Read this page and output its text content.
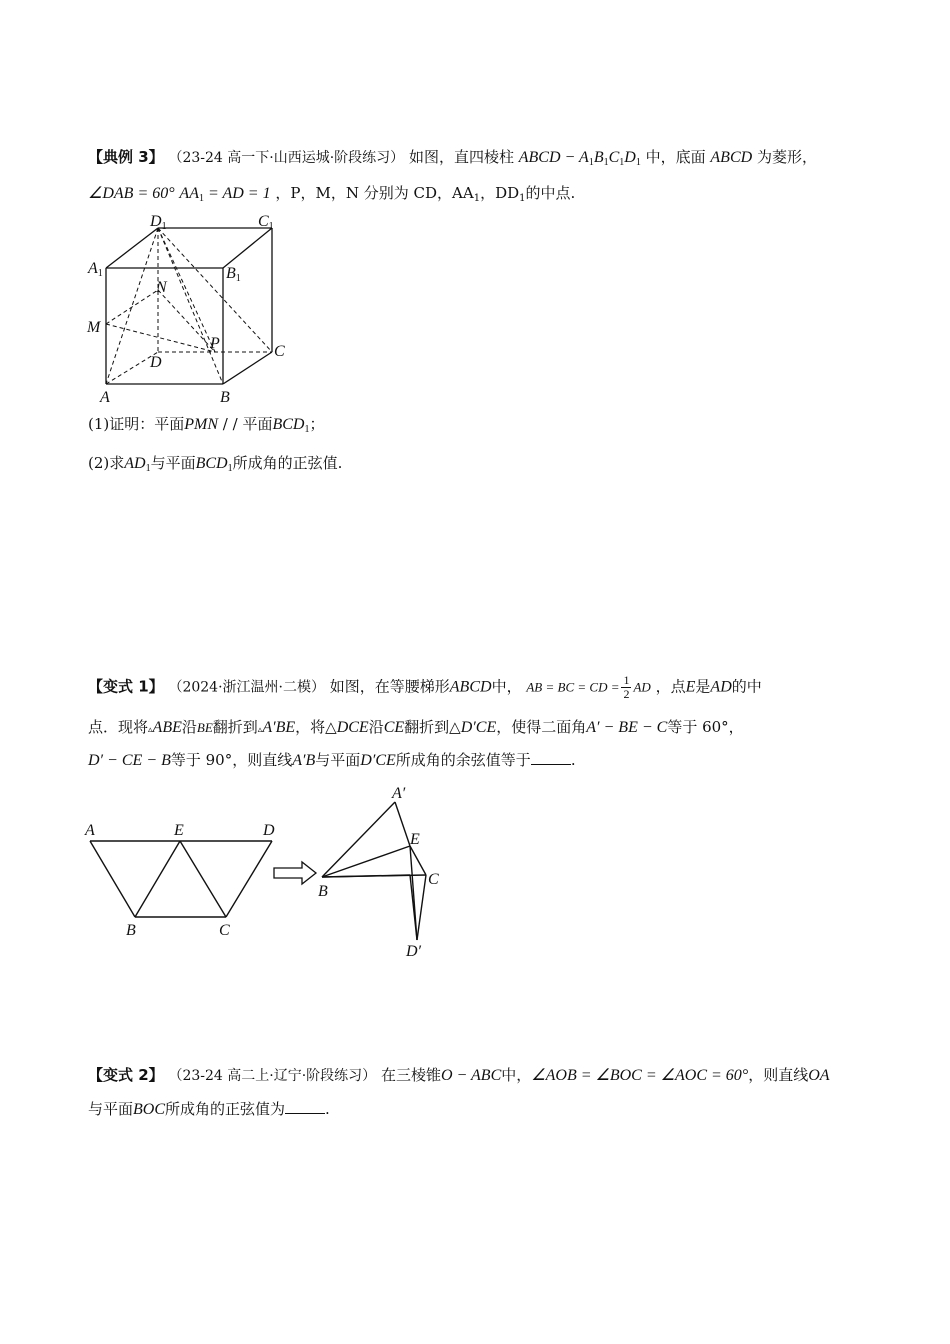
【典例 3】 （23-24 高一下·山西运城·阶段练习） 如图，直四棱柱 ABCD − $A_1B_1C_1D_1$ 中，底面 ABCD 为菱形，
∠DAB = 60° $AA_1$ = AD = 1 ，P，M，N 分别为 CD，$AA_1$，$DD_1$的中点.
D1	C1
A1	B1
N
M
P	C
D
A	B
(1)证明：平面PMN / / 平面$BCD_1$；
(2)求$AD_1$与平面$BCD_1$所成角的正弦值.
【变式 1】 （2024·浙江温州·二模） 如图，在等腰梯形ABCD中， AB = BC = CD = $\frac{1}{2}$ AD ，点E是AD的中
点．现将▵ABE沿BE翻折到▵A′BE，将△DCE沿CE翻折到△D′CE，使得二面角A′ − BE − C等于 60°，
D′ − CE − B等于 90°，则直线A′B与平面D′CE所成角的余弦值等于	.
A	E	D
B	C
A′
E
B
C
D′
【变式 2】 （23-24 高二上·辽宁·阶段练习） 在三棱锥O − ABC中，∠AOB = ∠BOC = ∠AOC = 60°，则直线OA
与平面BOC所成角的正弦值为	.
